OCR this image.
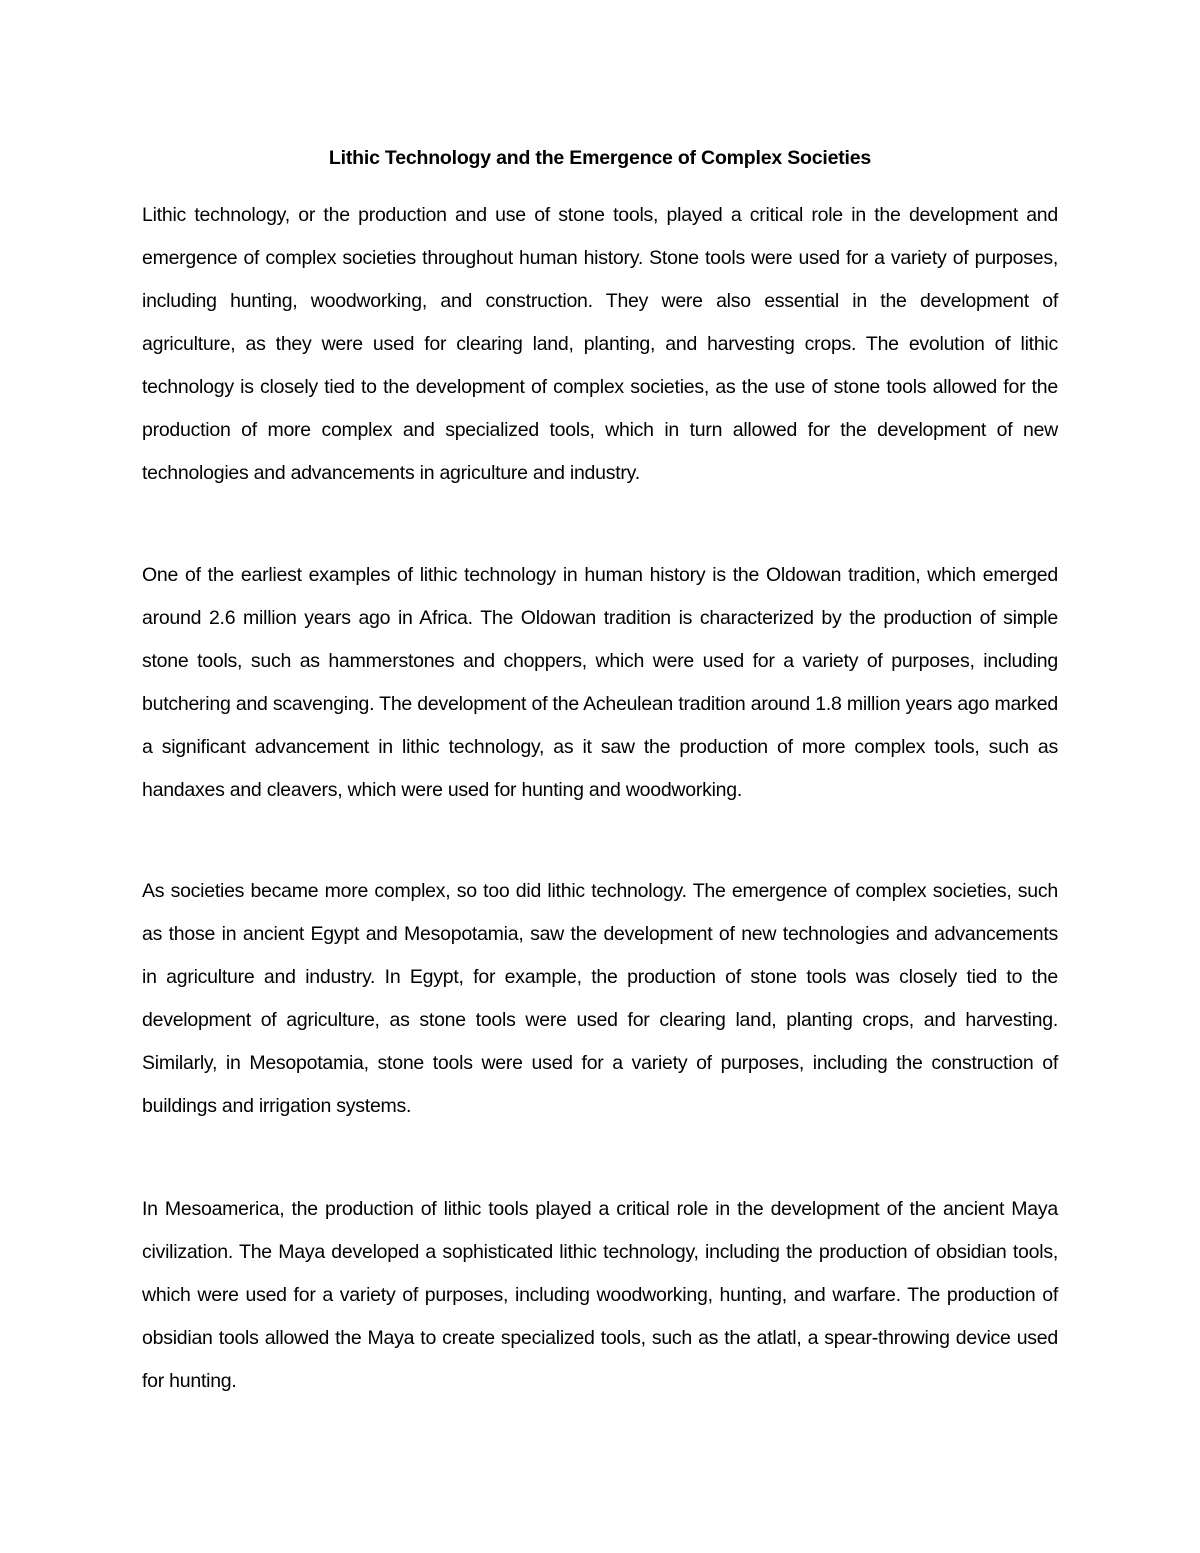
Lithic Technology and the Emergence of Complex Societies

Lithic technology, or the production and use of stone tools, played a critical role in the development and emergence of complex societies throughout human history. Stone tools were used for a variety of purposes, including hunting, woodworking, and construction. They were also essential in the development of agriculture, as they were used for clearing land, planting, and harvesting crops. The evolution of lithic technology is closely tied to the development of complex societies, as the use of stone tools allowed for the production of more complex and specialized tools, which in turn allowed for the development of new technologies and advancements in agriculture and industry.

One of the earliest examples of lithic technology in human history is the Oldowan tradition, which emerged around 2.6 million years ago in Africa. The Oldowan tradition is characterized by the production of simple stone tools, such as hammerstones and choppers, which were used for a variety of purposes, including butchering and scavenging. The development of the Acheulean tradition around 1.8 million years ago marked a significant advancement in lithic technology, as it saw the production of more complex tools, such as handaxes and cleavers, which were used for hunting and woodworking.

As societies became more complex, so too did lithic technology. The emergence of complex societies, such as those in ancient Egypt and Mesopotamia, saw the development of new technologies and advancements in agriculture and industry. In Egypt, for example, the production of stone tools was closely tied to the development of agriculture, as stone tools were used for clearing land, planting crops, and harvesting. Similarly, in Mesopotamia, stone tools were used for a variety of purposes, including the construction of buildings and irrigation systems.

In Mesoamerica, the production of lithic tools played a critical role in the development of the ancient Maya civilization. The Maya developed a sophisticated lithic technology, including the production of obsidian tools, which were used for a variety of purposes, including woodworking, hunting, and warfare. The production of obsidian tools allowed the Maya to create specialized tools, such as the atlatl, a spear-throwing device used for hunting.
